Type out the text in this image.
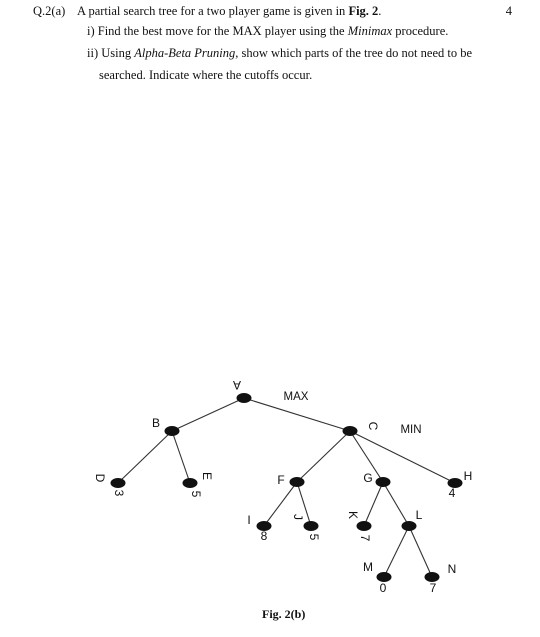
Q.2(a) A partial search tree for a two player game is given in Fig. 2.	4
i) Find the best move for the MAX player using the Minimax procedure.
ii) Using Alpha-Beta Pruning, show which parts of the tree do not need to be
searched. Indicate where the cutoffs occur.
A
B	C
D
3
E
5
F	G	H
4
I
8
J
5
K
7
L
M
0
N
7
MAX
MIN
Fig. 2(b)
